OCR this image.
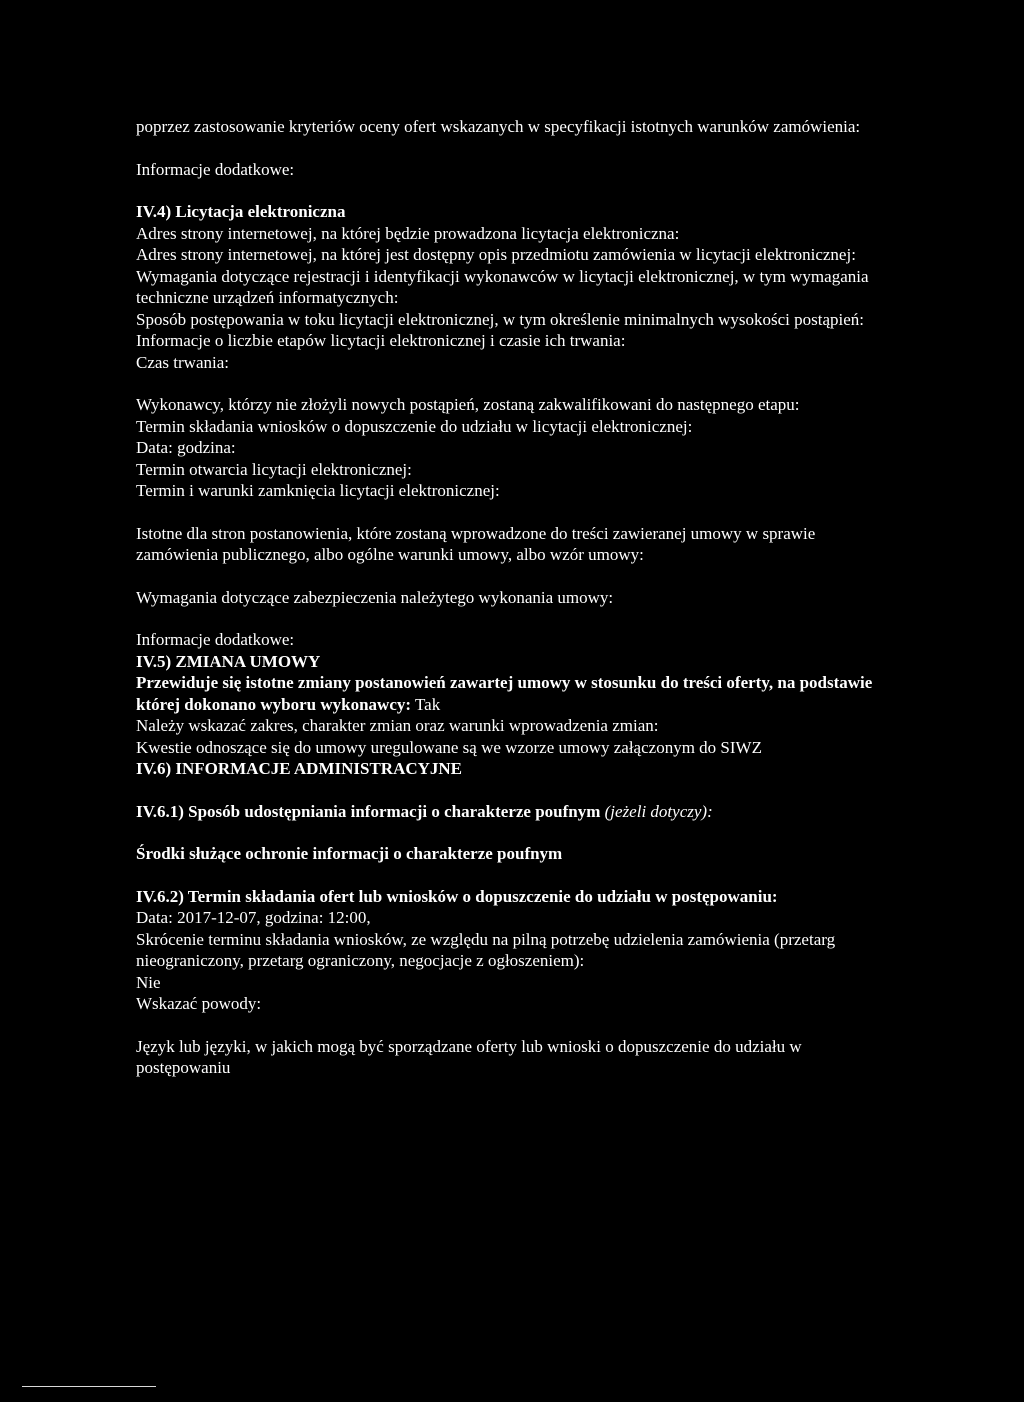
poprzez zastosowanie kryteriów oceny ofert wskazanych w specyfikacji istotnych warunków zamówienia:

Informacje dodatkowe:

IV.4) Licytacja elektroniczna

Adres strony internetowej, na której będzie prowadzona licytacja elektroniczna:

Adres strony internetowej, na której jest dostępny opis przedmiotu zamówienia w licytacji elektronicznej:

Wymagania dotyczące rejestracji i identyfikacji wykonawców w licytacji elektronicznej, w tym wymagania techniczne urządzeń informatycznych:

Sposób postępowania w toku licytacji elektronicznej, w tym określenie minimalnych wysokości postąpień:

Informacje o liczbie etapów licytacji elektronicznej i czasie ich trwania:

Czas trwania:

Wykonawcy, którzy nie złożyli nowych postąpień, zostaną zakwalifikowani do następnego etapu:

Termin składania wniosków o dopuszczenie do udziału w licytacji elektronicznej:

Data: godzina:

Termin otwarcia licytacji elektronicznej:

Termin i warunki zamknięcia licytacji elektronicznej:

Istotne dla stron postanowienia, które zostaną wprowadzone do treści zawieranej umowy w sprawie zamówienia publicznego, albo ogólne warunki umowy, albo wzór umowy:

Wymagania dotyczące zabezpieczenia należytego wykonania umowy:

Informacje dodatkowe:

IV.5) ZMIANA UMOWY

Przewiduje się istotne zmiany postanowień zawartej umowy w stosunku do treści oferty, na podstawie której dokonano wyboru wykonawcy: Tak

Należy wskazać zakres, charakter zmian oraz warunki wprowadzenia zmian:

Kwestie odnoszące się do umowy uregulowane są we wzorze umowy załączonym do SIWZ

IV.6) INFORMACJE ADMINISTRACYJNE

IV.6.1) Sposób udostępniania informacji o charakterze poufnym (jeżeli dotyczy):

Środki służące ochronie informacji o charakterze poufnym

IV.6.2) Termin składania ofert lub wniosków o dopuszczenie do udziału w postępowaniu:

Data: 2017-12-07, godzina: 12:00,

Skrócenie terminu składania wniosków, ze względu na pilną potrzebę udzielenia zamówienia (przetarg nieograniczony, przetarg ograniczony, negocjacje z ogłoszeniem):

Nie

Wskazać powody:

Język lub języki, w jakich mogą być sporządzane oferty lub wnioski o dopuszczenie do udziału w postępowaniu
